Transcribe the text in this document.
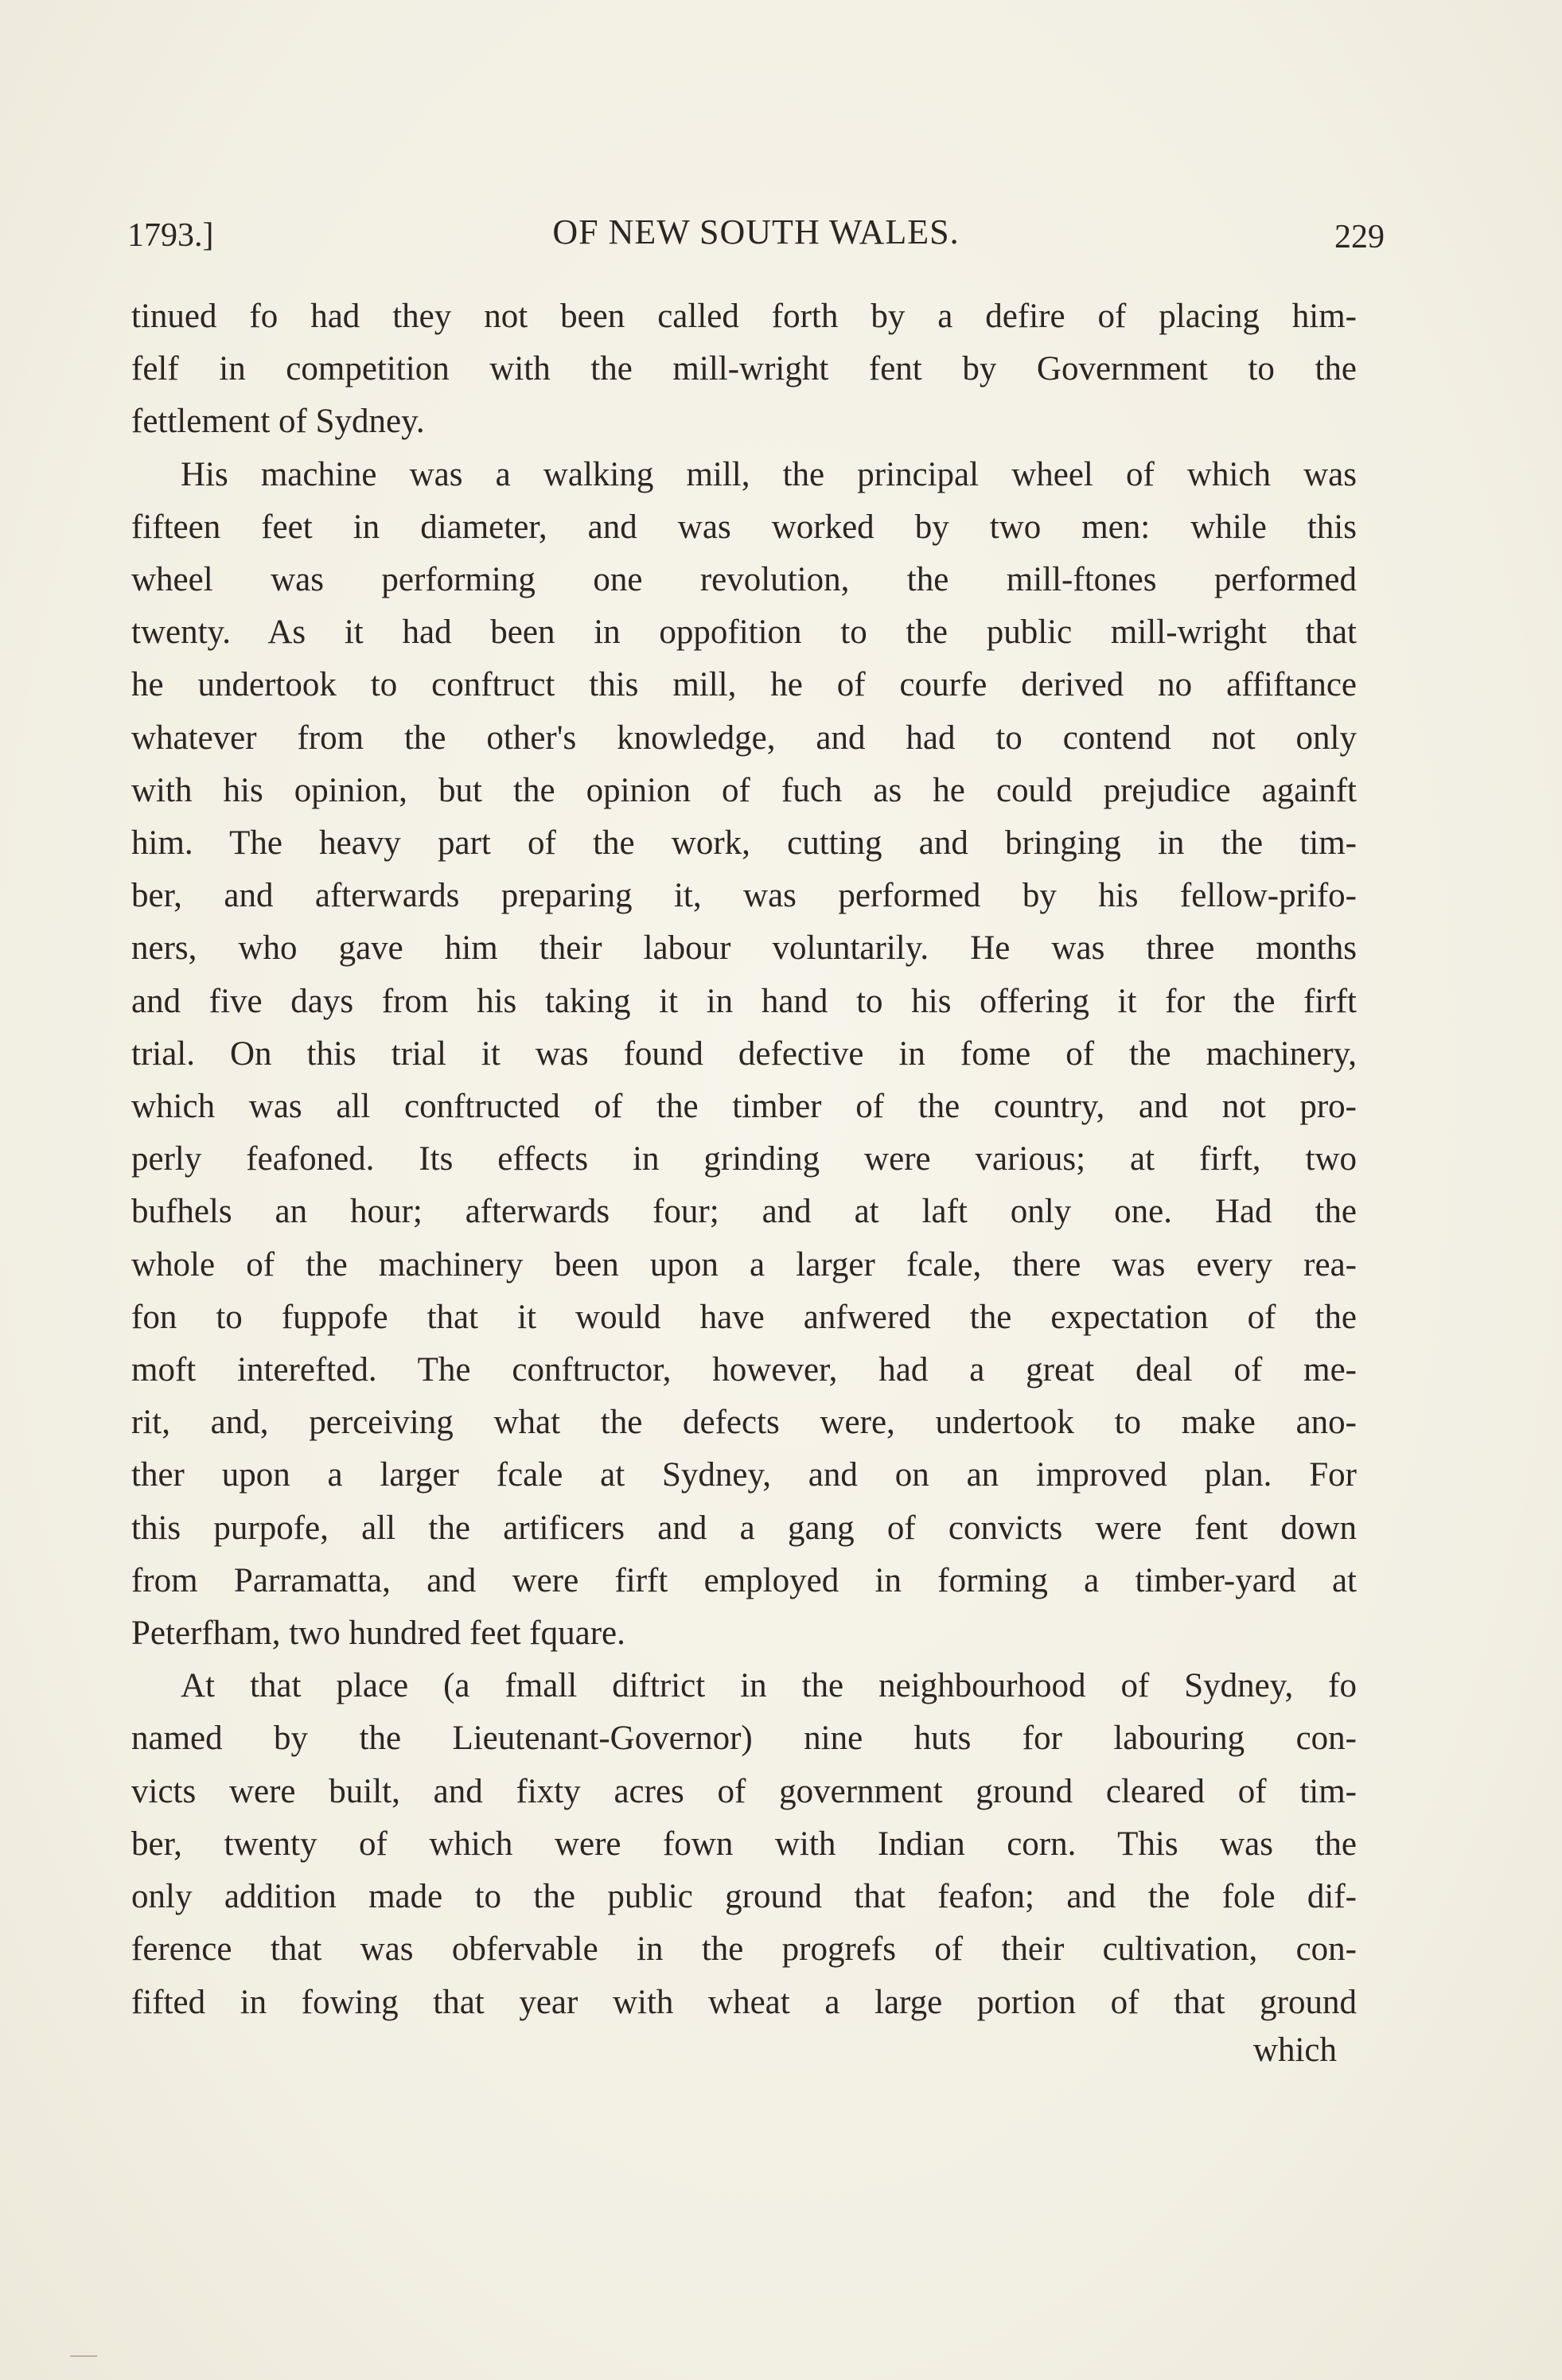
1793.]	OF NEW SOUTH WALES.	229

tinued fo had they not been called forth by a defire of placing him-
felf in competition with the mill-wright fent by Government to the
fettlement of Sydney.

His machine was a walking mill, the principal wheel of which was
fifteen feet in diameter, and was worked by two men: while this
wheel was performing one revolution, the mill-ftones performed
twenty. As it had been in oppofition to the public mill-wright that
he undertook to conftruct this mill, he of courfe derived no affiftance
whatever from the other's knowledge, and had to contend not only
with his opinion, but the opinion of fuch as he could prejudice againft
him. The heavy part of the work, cutting and bringing in the tim-
ber, and afterwards preparing it, was performed by his fellow-prifo-
ners, who gave him their labour voluntarily. He was three months
and five days from his taking it in hand to his offering it for the firft
trial. On this trial it was found defective in fome of the machinery,
which was all conftructed of the timber of the country, and not pro-
perly feafoned. Its effects in grinding were various; at firft, two
bufhels an hour; afterwards four; and at laft only one. Had the
whole of the machinery been upon a larger fcale, there was every rea-
fon to fuppofe that it would have anfwered the expectation of the
moft interefted. The conftructor, however, had a great deal of me-
rit, and, perceiving what the defects were, undertook to make ano-
ther upon a larger fcale at Sydney, and on an improved plan. For
this purpofe, all the artificers and a gang of convicts were fent down
from Parramatta, and were firft employed in forming a timber-yard at
Peterfham, two hundred feet fquare.

At that place (a fmall diftrict in the neighbourhood of Sydney, fo
named by the Lieutenant-Governor) nine huts for labouring con-
victs were built, and fixty acres of government ground cleared of tim-
ber, twenty of which were fown with Indian corn. This was the
only addition made to the public ground that feafon; and the fole dif-
ference that was obfervable in the progrefs of their cultivation, con-
fifted in fowing that year with wheat a large portion of that ground

which
